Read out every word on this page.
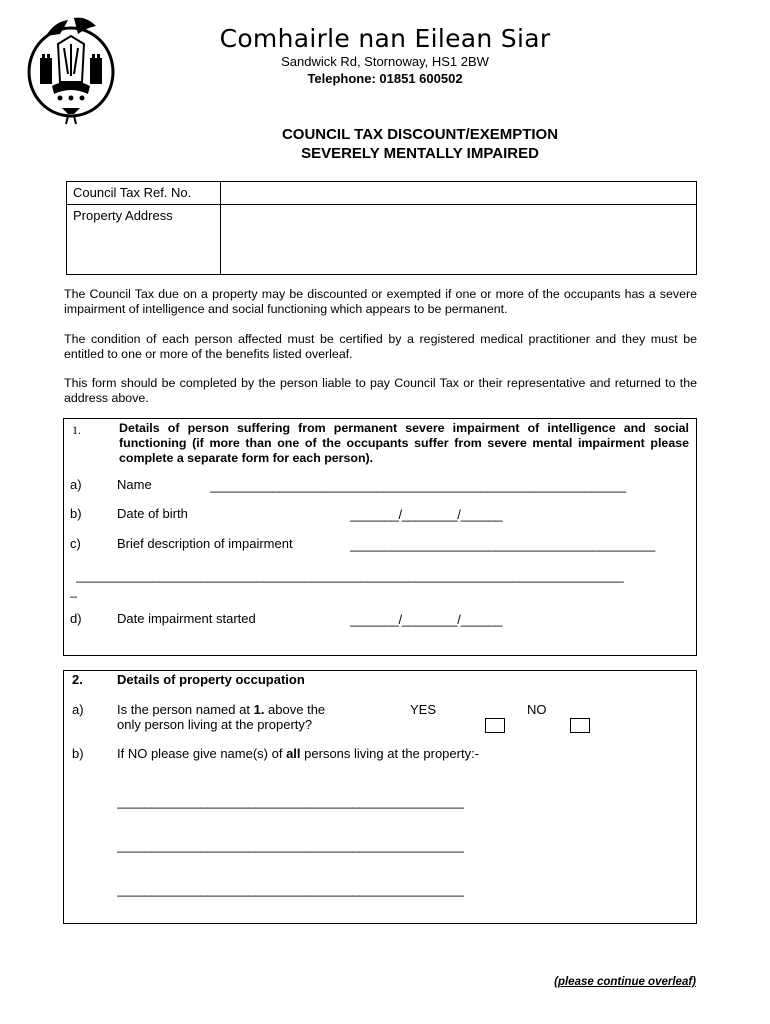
Comhairle nan Eilean Siar
Sandwick Rd, Stornoway, HS1 2BW
Telephone: 01851 600502
COUNCIL TAX DISCOUNT/EXEMPTION
SEVERELY MENTALLY IMPAIRED
Council Tax Ref. No.
Property Address
The Council Tax due on a property may be discounted or exempted if one or more of the occupants has a severe impairment of intelligence and social functioning which appears to be permanent.
The condition of each person affected must be certified by a registered medical practitioner and they must be entitled to one or more of the benefits listed overleaf.
This form should be completed by the person liable to pay Council Tax or their representative and returned to the address above.
1.	Details of person suffering from permanent severe impairment of intelligence and social functioning (if more than one of the occupants suffer from severe mental impairment please complete a separate form for each person).
a)	Name	____________________________________________________________
b)	Date of birth	_______/________/______
c)	Brief description of impairment	____________________________________________
_______________________________________________________________________________
_
d)	Date impairment started	_______/________/______
2.	Details of property occupation
a)	Is the person named at 1. above the
only person living at the property?
YES	NO
b)	If NO please give name(s) of all persons living at the property:-
__________________________________________________
__________________________________________________
__________________________________________________
(please continue overleaf)
